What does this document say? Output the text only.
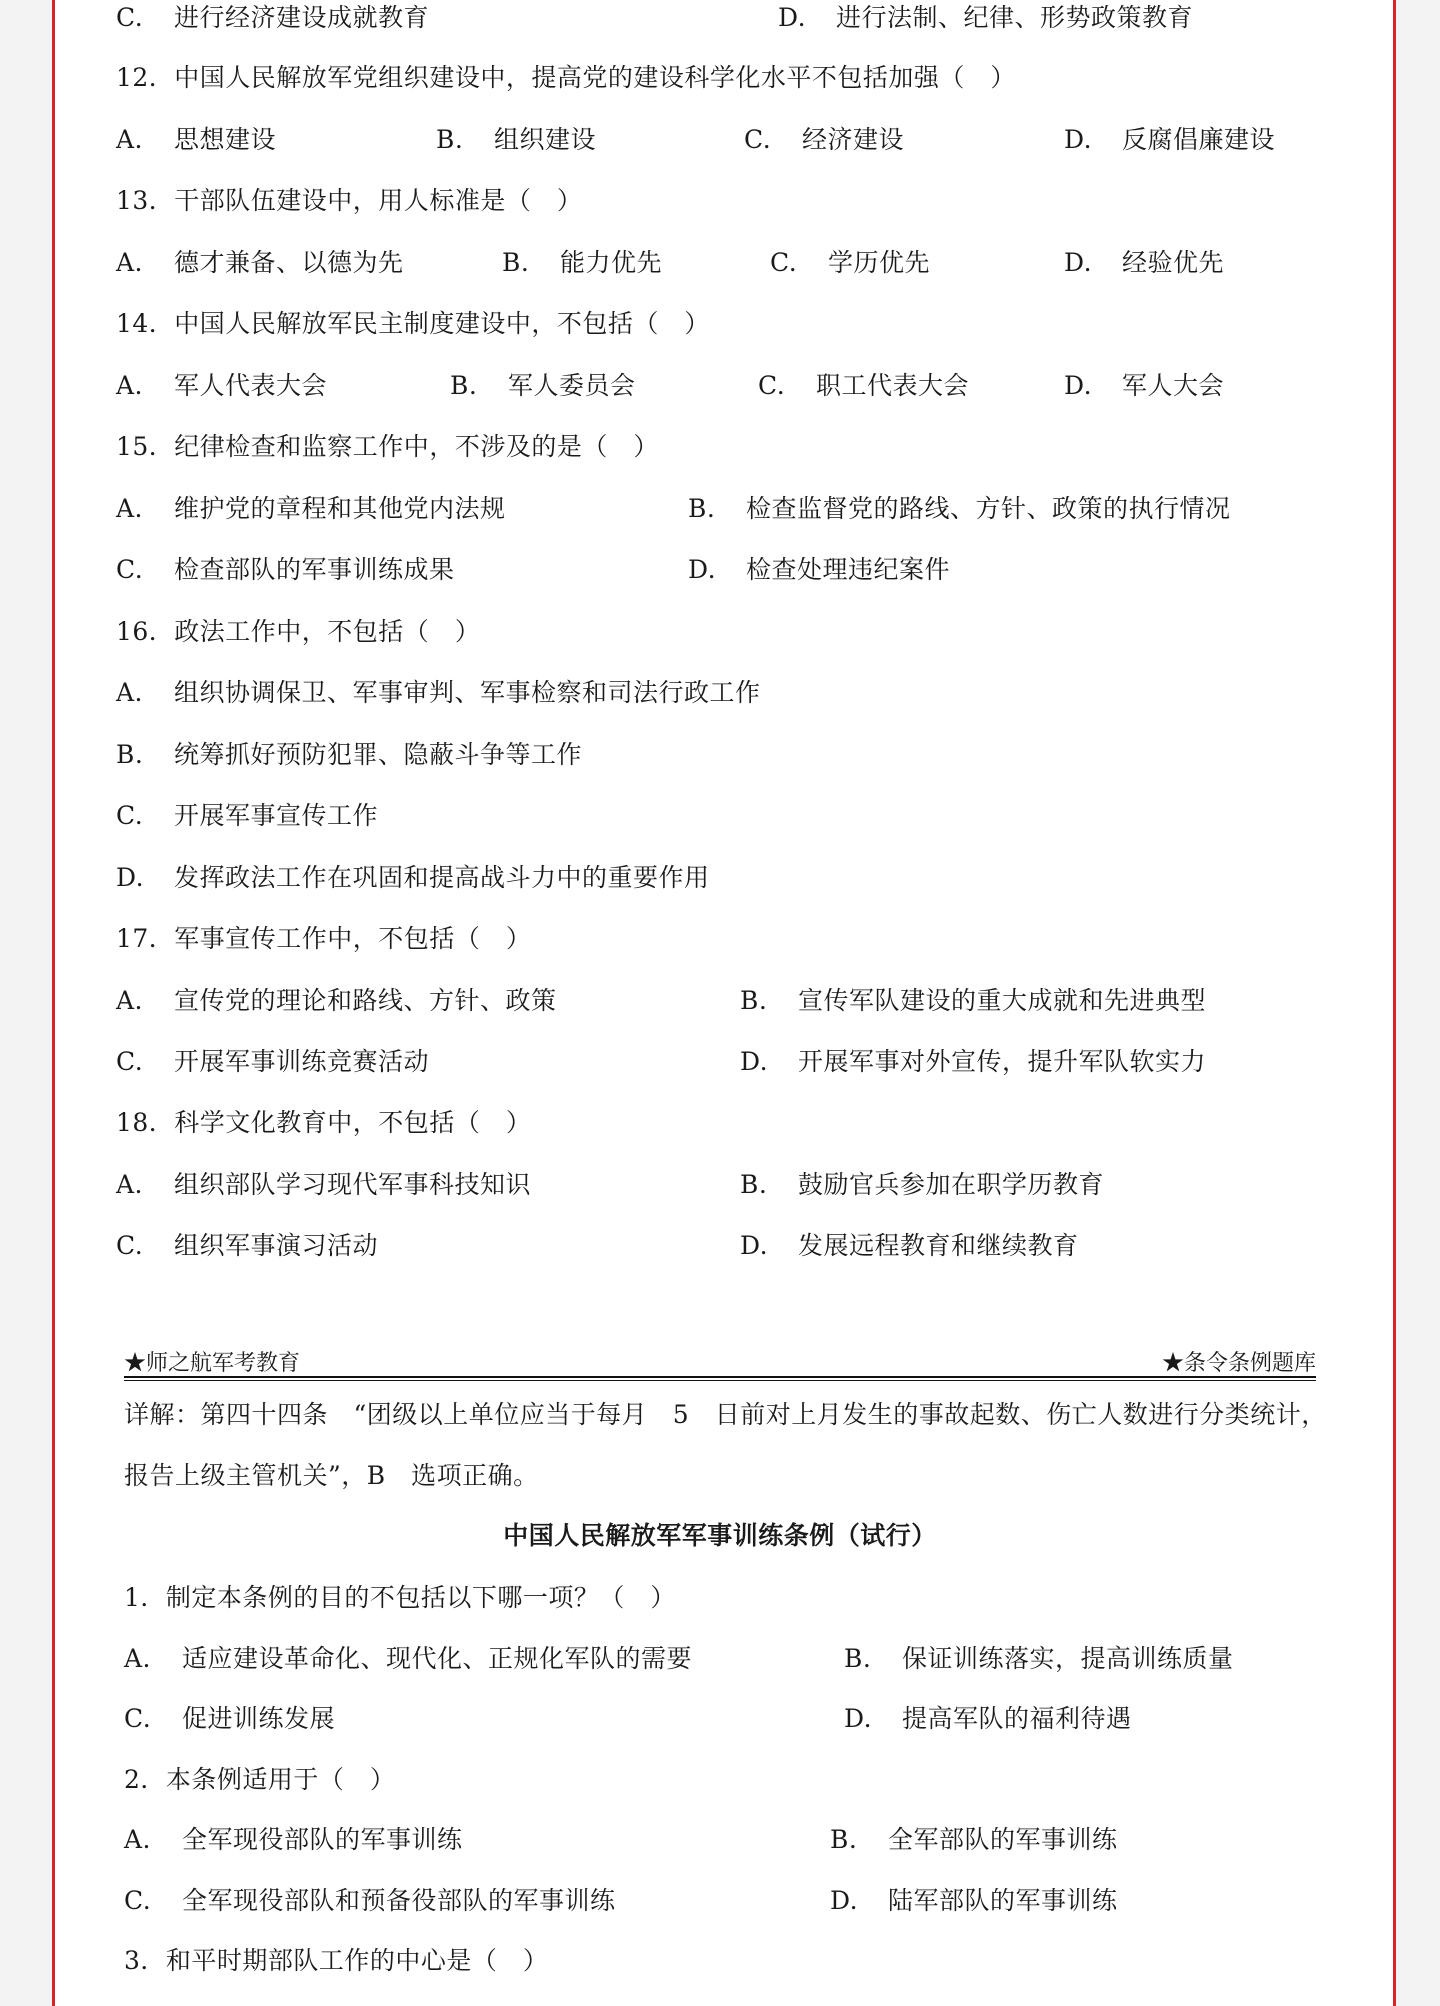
C. 进行经济建设成就教育	D. 进行法制、纪律、形势政策教育
12．中国人民解放军党组织建设中，提高党的建设科学化水平不包括加强（　）
A. 思想建设	B. 组织建设	C. 经济建设	D. 反腐倡廉建设
13．干部队伍建设中，用人标准是（　）
A. 德才兼备、以德为先	B. 能力优先	C. 学历优先	D. 经验优先
14．中国人民解放军民主制度建设中，不包括（　）
A. 军人代表大会	B. 军人委员会	C. 职工代表大会	D. 军人大会
15．纪律检查和监察工作中，不涉及的是（　）
A. 维护党的章程和其他党内法规	B. 检查监督党的路线、方针、政策的执行情况
C. 检查部队的军事训练成果	D. 检查处理违纪案件
16．政法工作中，不包括（　）
A. 组织协调保卫、军事审判、军事检察和司法行政工作
B. 统筹抓好预防犯罪、隐蔽斗争等工作
C. 开展军事宣传工作
D. 发挥政法工作在巩固和提高战斗力中的重要作用
17．军事宣传工作中，不包括（　）
A. 宣传党的理论和路线、方针、政策	B. 宣传军队建设的重大成就和先进典型
C. 开展军事训练竞赛活动	D. 开展军事对外宣传，提升军队软实力
18．科学文化教育中，不包括（　）
A. 组织部队学习现代军事科技知识	B. 鼓励官兵参加在职学历教育
C. 组织军事演习活动	D. 发展远程教育和继续教育
★师之航军考教育	★条令条例题库
详解：第四十四条　“团级以上单位应当于每月　5　日前对上月发生的事故起数、伤亡人数进行分类统计，
报告上级主管机关”，B　选项正确。
中国人民解放军军事训练条例（试行）
1．制定本条例的目的不包括以下哪一项？（　）
A. 适应建设革命化、现代化、正规化军队的需要	B. 保证训练落实，提高训练质量
C. 促进训练发展	D. 提高军队的福利待遇
2．本条例适用于（　）
A. 全军现役部队的军事训练	B. 全军部队的军事训练
C. 全军现役部队和预备役部队的军事训练	D. 陆军部队的军事训练
3．和平时期部队工作的中心是（　）
